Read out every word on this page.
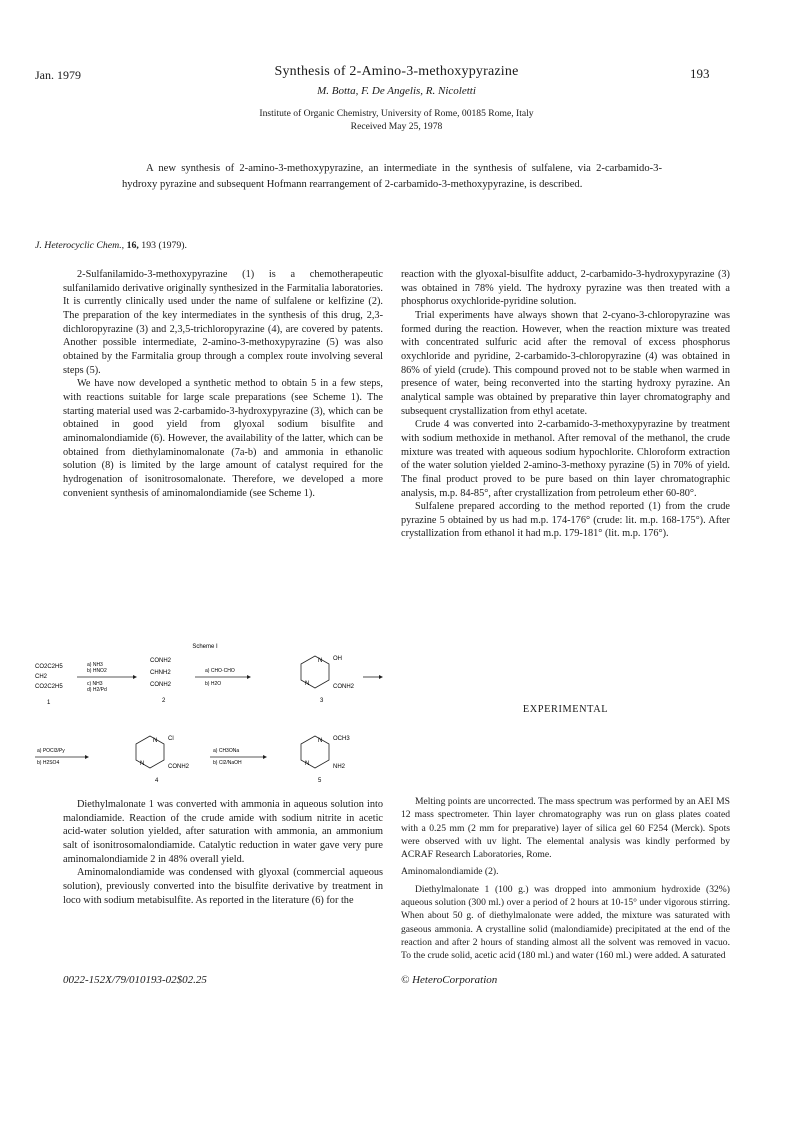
Jan. 1979	Synthesis of 2-Amino-3-methoxypyrazine	193
M. Botta, F. De Angelis, R. Nicoletti
Institute of Organic Chemistry, University of Rome, 00185 Rome, Italy
Received May 25, 1978

A new synthesis of 2-amino-3-methoxypyrazine, an intermediate in the synthesis of sulfalene, via 2-carbamido-3-hydroxy pyrazine and subsequent Hofmann rearrangement of 2-carbamido-3-methoxypyrazine, is described.

J. Heterocyclic Chem., 16, 193 (1979).

2-Sulfanilamido-3-methoxypyrazine (1) is a chemotherapeutic sulfanilamido derivative originally synthesized in the Farmitalia laboratories. It is currently clinically used under the name of sulfalene or kelfizine (2). The preparation of the key intermediates in the synthesis of this drug, 2,3-dichloropyrazine (3) and 2,3,5-trichloropyrazine (4), are covered by patents. Another possible intermediate, 2-amino-3-methoxypyrazine (5) was also obtained by the Farmitalia group through a complex route involving several steps (5).

We have now developed a synthetic method to obtain 5 in a few steps, with reactions suitable for large scale preparations (see Scheme 1). The starting material used was 2-carbamido-3-hydroxypyrazine (3), which can be obtained in good yield from glyoxal sodium bisulfite and aminomalondiamide (6). However, the availability of the latter, which can be obtained from diethylaminomalonate (7a-b) and ammonia in ethanolic solution (8) is limited by the large amount of catalyst required for the hydrogenation of isonitrosomalonate. Therefore, we developed a more convenient synthesis of aminomalondiamide (see Scheme 1).

Scheme I
CO2C2H5
CH2
CO2C2H5
1
a) NH3
b) HNO2
c) NH3
d) H2/Pd
CONH2
CHNH2
CONH2
2
a) CHO·CHO
b) H2O
N
N
OH
CONH2
3
a) POCl3/Py
b) H2SO4
N
N
Cl
CONH2
4
a) CH3ONa
b) Cl2/NaOH
N
N
OCH3
NH2
5

Diethylmalonate 1 was converted with ammonia in aqueous solution into malondiamide. Reaction of the crude amide with sodium nitrite in acetic acid-water solution yielded, after saturation with ammonia, an ammonium salt of isonitrosomalondiamide. Catalytic reduction in water gave very pure aminomalondiamide 2 in 48% overall yield.

Aminomalondiamide was condensed with glyoxal (commercial aqueous solution), previously converted into the bisulfite derivative by treatment in loco with sodium metabisulfite. As reported in the literature (6) for the

reaction with the glyoxal-bisulfite adduct, 2-carbamido-3-hydroxypyrazine (3) was obtained in 78% yield. The hydroxy pyrazine was then treated with a phosphorus oxychloride-pyridine solution.

Trial experiments have always shown that 2-cyano-3-chloropyrazine was formed during the reaction. However, when the reaction mixture was treated with concentrated sulfuric acid after the removal of excess phosphorus oxychloride and pyridine, 2-carbamido-3-chloropyrazine (4) was obtained in 86% of yield (crude). This compound proved not to be stable when warmed in presence of water, being reconverted into the starting hydroxy pyrazine. An analytical sample was obtained by preparative thin layer chromatography and subsequent crystallization from ethyl acetate.

Crude 4 was converted into 2-carbamido-3-methoxypyrazine by treatment with sodium methoxide in methanol. After removal of the methanol, the crude mixture was treated with aqueous sodium hypochlorite. Chloroform extraction of the water solution yielded 2-amino-3-methoxy pyrazine (5) in 70% of yield. The final product proved to be pure based on thin layer chromatographic analysis, m.p. 84-85°, after crystallization from petroleum ether 60-80°.

Sulfalene prepared according to the method reported (1) from the crude pyrazine 5 obtained by us had m.p. 174-176° (crude: lit. m.p. 168-175°). After crystallization from ethanol it had m.p. 179-181° (lit. m.p. 176°).

EXPERIMENTAL

Melting points are uncorrected. The mass spectrum was performed by an AEI MS 12 mass spectrometer. Thin layer chromatography was run on glass plates coated with a 0.25 mm (2 mm for preparative) layer of silica gel 60 F254 (Merck). Spots were observed with uv light. The elemental analysis was kindly performed by ACRAF Research Laboratories, Rome.

Aminomalondiamide (2).

Diethylmalonate 1 (100 g.) was dropped into ammonium hydroxide (32%) aqueous solution (300 ml.) over a period of 2 hours at 10-15° under vigorous stirring. When about 50 g. of diethylmalonate were added, the mixture was saturated with gaseous ammonia. A crystalline solid (malondiamide) precipitated at the end of the reaction and after 2 hours of standing almost all the solvent was removed in vacuo. To the crude solid, acetic acid (180 ml.) and water (160 ml.) were added. A saturated

0022-152X/79/010193-02$02.25	© HeteroCorporation
